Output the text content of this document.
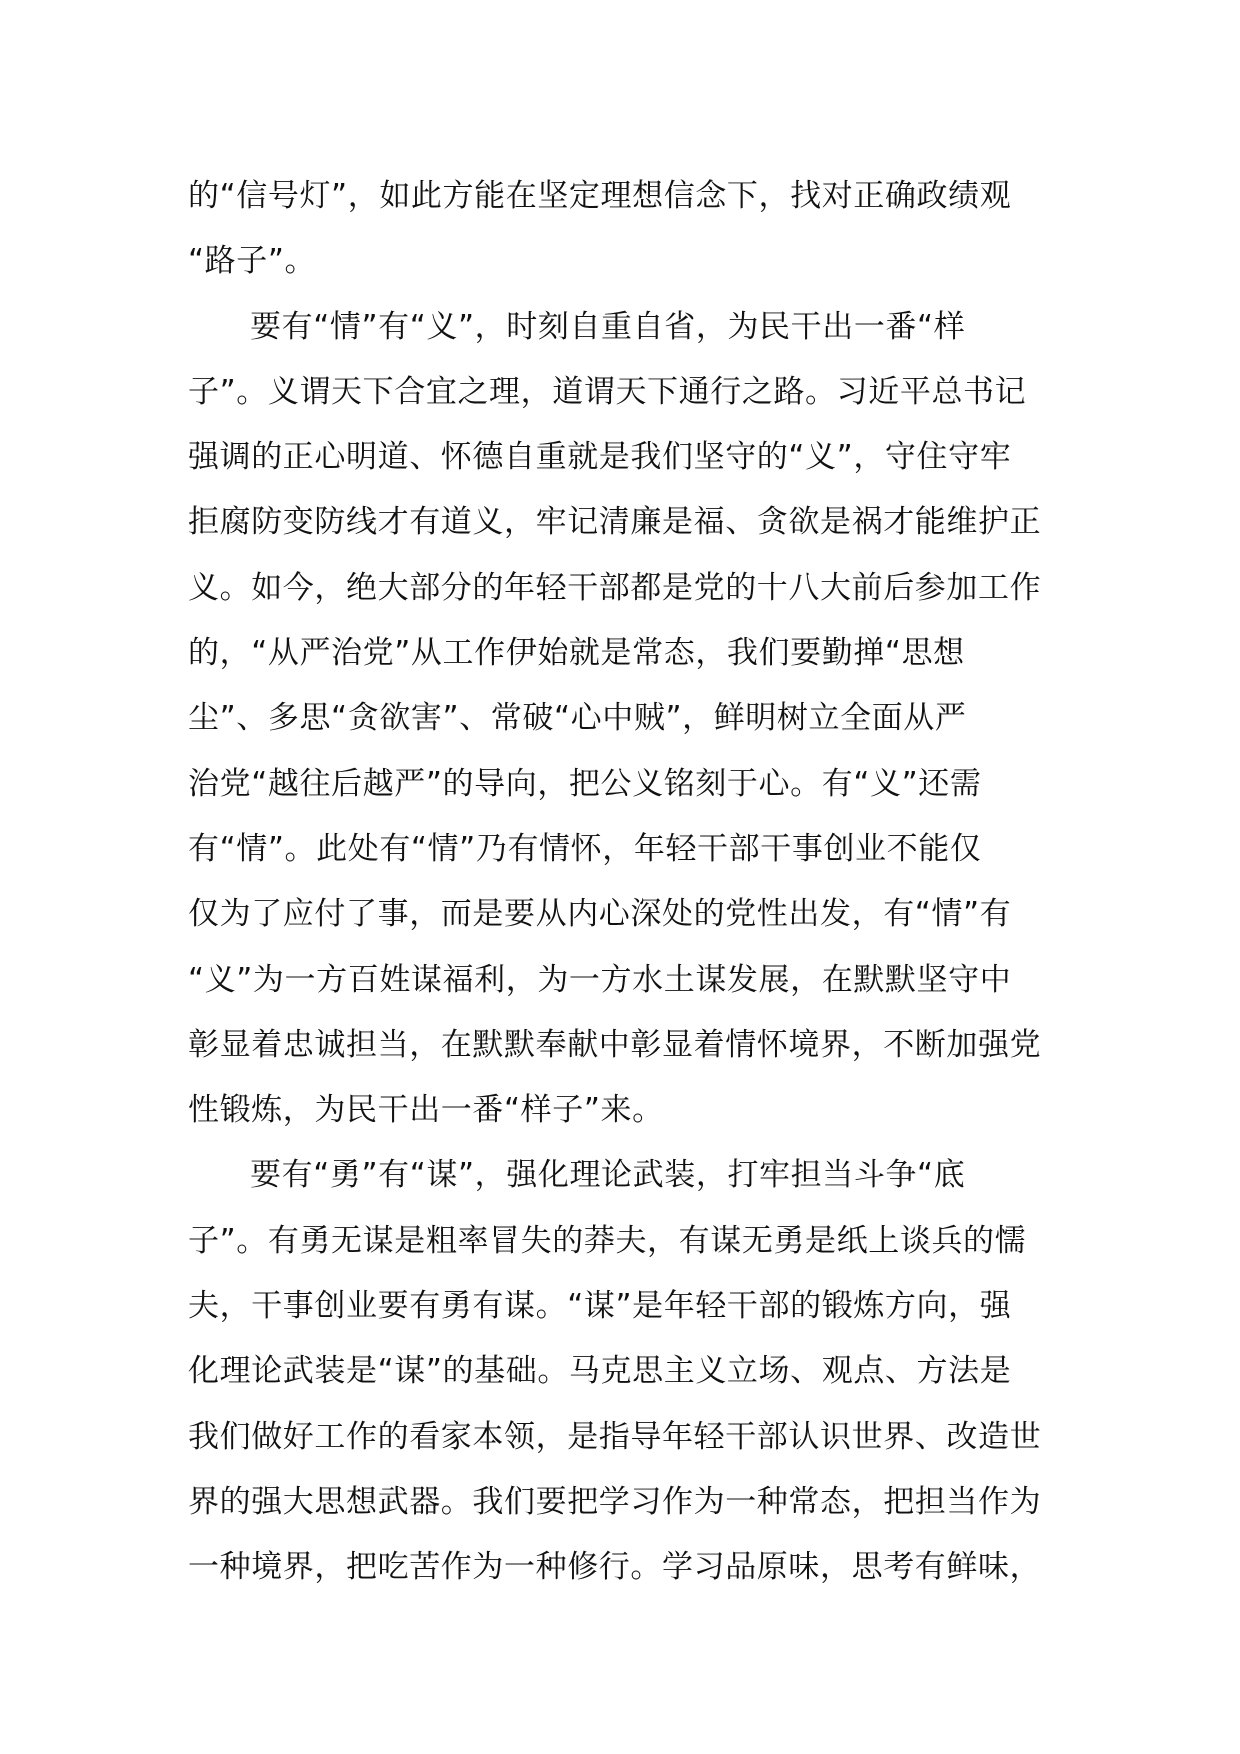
的“信号灯”，如此方能在坚定理想信念下，找对正确政绩观
“路子”。
要有“情”有“义”，时刻自重自省，为民干出一番“样
子”。义谓天下合宜之理，道谓天下通行之路。习近平总书记
强调的正心明道、怀德自重就是我们坚守的“义”，守住守牢
拒腐防变防线才有道义，牢记清廉是福、贪欲是祸才能维护正
义。如今，绝大部分的年轻干部都是党的十八大前后参加工作
的，“从严治党”从工作伊始就是常态，我们要勤掸“思想
尘”、多思“贪欲害”、常破“心中贼”，鲜明树立全面从严
治党“越往后越严”的导向，把公义铭刻于心。有“义”还需
有“情”。此处有“情”乃有情怀，年轻干部干事创业不能仅
仅为了应付了事，而是要从内心深处的党性出发，有“情”有
“义”为一方百姓谋福利，为一方水土谋发展，在默默坚守中
彰显着忠诚担当，在默默奉献中彰显着情怀境界，不断加强党
性锻炼，为民干出一番“样子”来。
要有“勇”有“谋”，强化理论武装，打牢担当斗争“底
子”。有勇无谋是粗率冒失的莽夫，有谋无勇是纸上谈兵的懦
夫，干事创业要有勇有谋。“谋”是年轻干部的锻炼方向，强
化理论武装是“谋”的基础。马克思主义立场、观点、方法是
我们做好工作的看家本领，是指导年轻干部认识世界、改造世
界的强大思想武器。我们要把学习作为一种常态，把担当作为
一种境界，把吃苦作为一种修行。学习品原味，思考有鲜味，
